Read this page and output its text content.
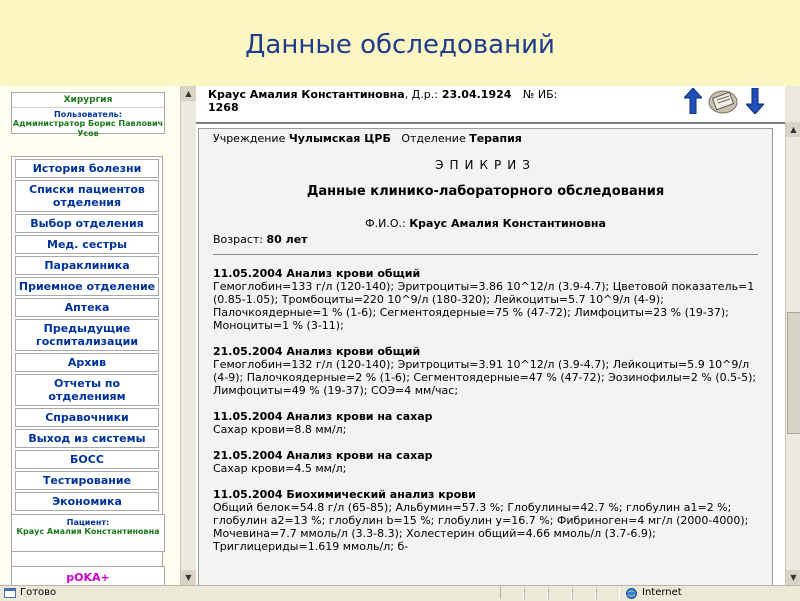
Данные обследований
Хирургия
Пользователь:
Администратор Борис Павлович Усов
История болезни
Списки пациентов отделения
Выбор отделения
Мед. сестры
Параклиника
Приемное отделение
Аптека
Предыдущие госпитализации
Архив
Отчеты по отделениям
Справочники
Выход из системы
БОСС
Тестирование
Экономика
Пациент:
Краус Амалия Константиновна
pOKA+
▲
▼
Краус Амалия Константиновна, Д.р.: 23.04.1924 № ИБ:
1268
Учреждение Чулымская ЦРБ Отделение Терапия
ЭПИКРИЗ
Данные клинико-лабораторного обследования
Ф.И.О.: Краус Амалия Константиновна
Возраст: 80 лет
11.05.2004 Анализ крови общий
Гемоглобин=133 г/л (120-140); Эритроциты=3.86 10^12/л (3.9-4.7); Цветовой показатель=1 (0.85-1.05); Тромбоциты=220 10^9/л (180-320); Лейкоциты=5.7 10^9/л (4-9); Палочкоядерные=1 % (1-6); Сегментоядерные=75 % (47-72); Лимфоциты=23 % (19-37); Моноциты=1 % (3-11);
21.05.2004 Анализ крови общий
Гемоглобин=132 г/л (120-140); Эритроциты=3.91 10^12/л (3.9-4.7); Лейкоциты=5.9 10^9/л (4-9); Палочкоядерные=2 % (1-6); Сегментоядерные=47 % (47-72); Эозинофилы=2 % (0.5-5); Лимфоциты=49 % (19-37); СОЭ=4 мм/час;
11.05.2004 Анализ крови на сахар
Сахар крови=8.8 мм/л;
21.05.2004 Анализ крови на сахар
Сахар крови=4.5 мм/л;
11.05.2004 Биохимический анализ крови
Общий белок=54.8 г/л (65-85); Альбумин=57.3 %; Глобулины=42.7 %; глобулин а1=2 %; глобулин а2=13 %; глобулин b=15 %; глобулин y=16.7 %; Фибриноген=4 мг/л (2000-4000); Мочевина=7.7 ммоль/л (3.3-8.3); Холестерин общий=4.66 ммоль/л (3.7-6.9); Триглицериды=1.619 ммоль/л; б-
▲
▼
Готово	Internet
